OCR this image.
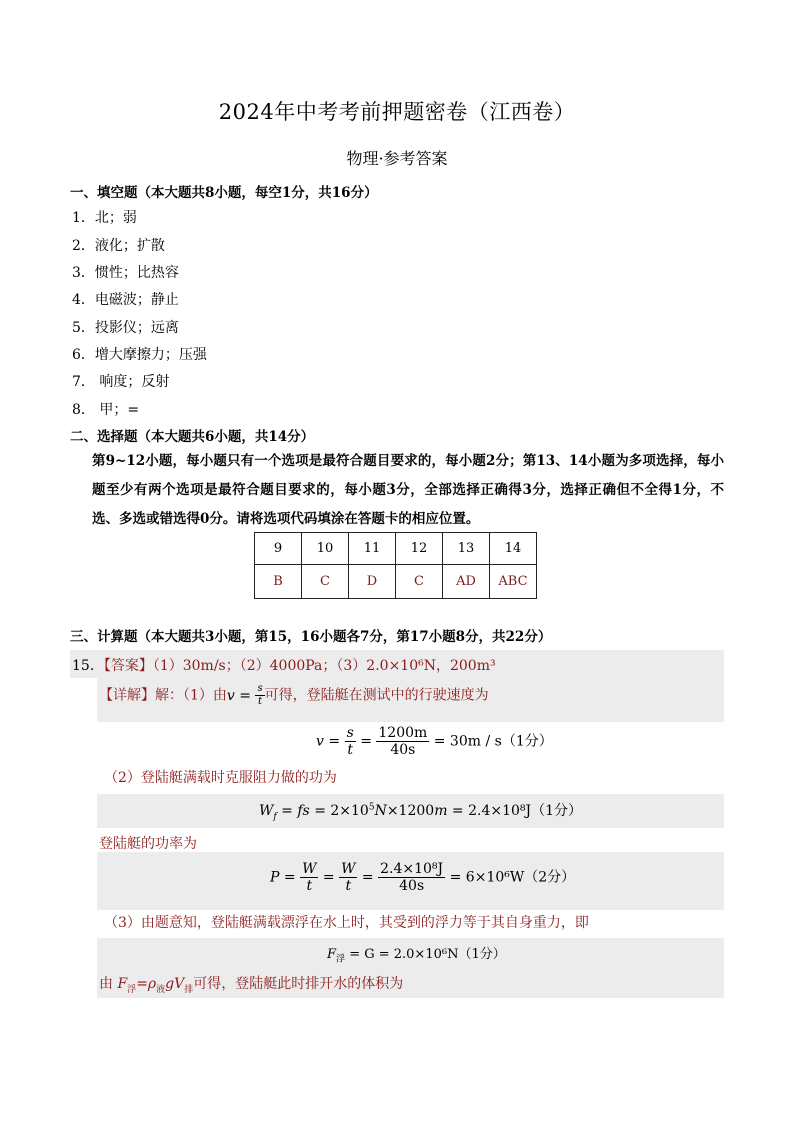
2024年中考考前押题密卷（江西卷）
物理·参考答案
一、填空题（本大题共8小题，每空1分，共16分）
1．北；弱
2．液化；扩散
3．惯性；比热容
4．电磁波；静止
5．投影仪；远离
6．增大摩擦力；压强
7． 响度；反射
8． 甲；=
二、选择题（本大题共6小题，共14分）
第9~12小题，每小题只有一个选项是最符合题目要求的，每小题2分；第13、14小题为多项选择，每小题至少有两个选项是最符合题目要求的，每小题3分，全部选择正确得3分，选择正确但不全得1分，不选、多选或错选得0分。请将选项代码填涂在答题卡的相应位置。
9	10	11	12	13	14
B	C	D	C	AD	ABC
三、计算题（本大题共3小题，第15，16小题各7分，第17小题8分，共22分）
15．【答案】（1）30m/s；（2）4000Pa；（3）2.0×10⁶N，200m³
【详解】解：（1）由$v = \frac{s}{t}$ 可得，登陆艇在测试中的行驶速度为
$v = \frac{s}{t} = \frac{1200m}{40s} = 30m / s(1$分）
（2）登陆艇满载时克服阻力做的功为
$W_f$ = fs = $2\times 10^5N\times 1200m = 2.4\times 10^8J(1$分）
登陆艇的功率为
$P = \frac{W}{t} = \frac{W}{t} = \frac{\text{2.4×10⁸J}}{40s} = 6\times 10^6W(2$分）
（3）由题意知，登陆艇满载漂浮在水上时，其受到的浮力等于其自身重力，即
$F_浮 = G = 2.0\times 10^6N(1$分）
由 $F_浮=\rho_液gV_排$可得，登陆艇此时排开水的体积为
